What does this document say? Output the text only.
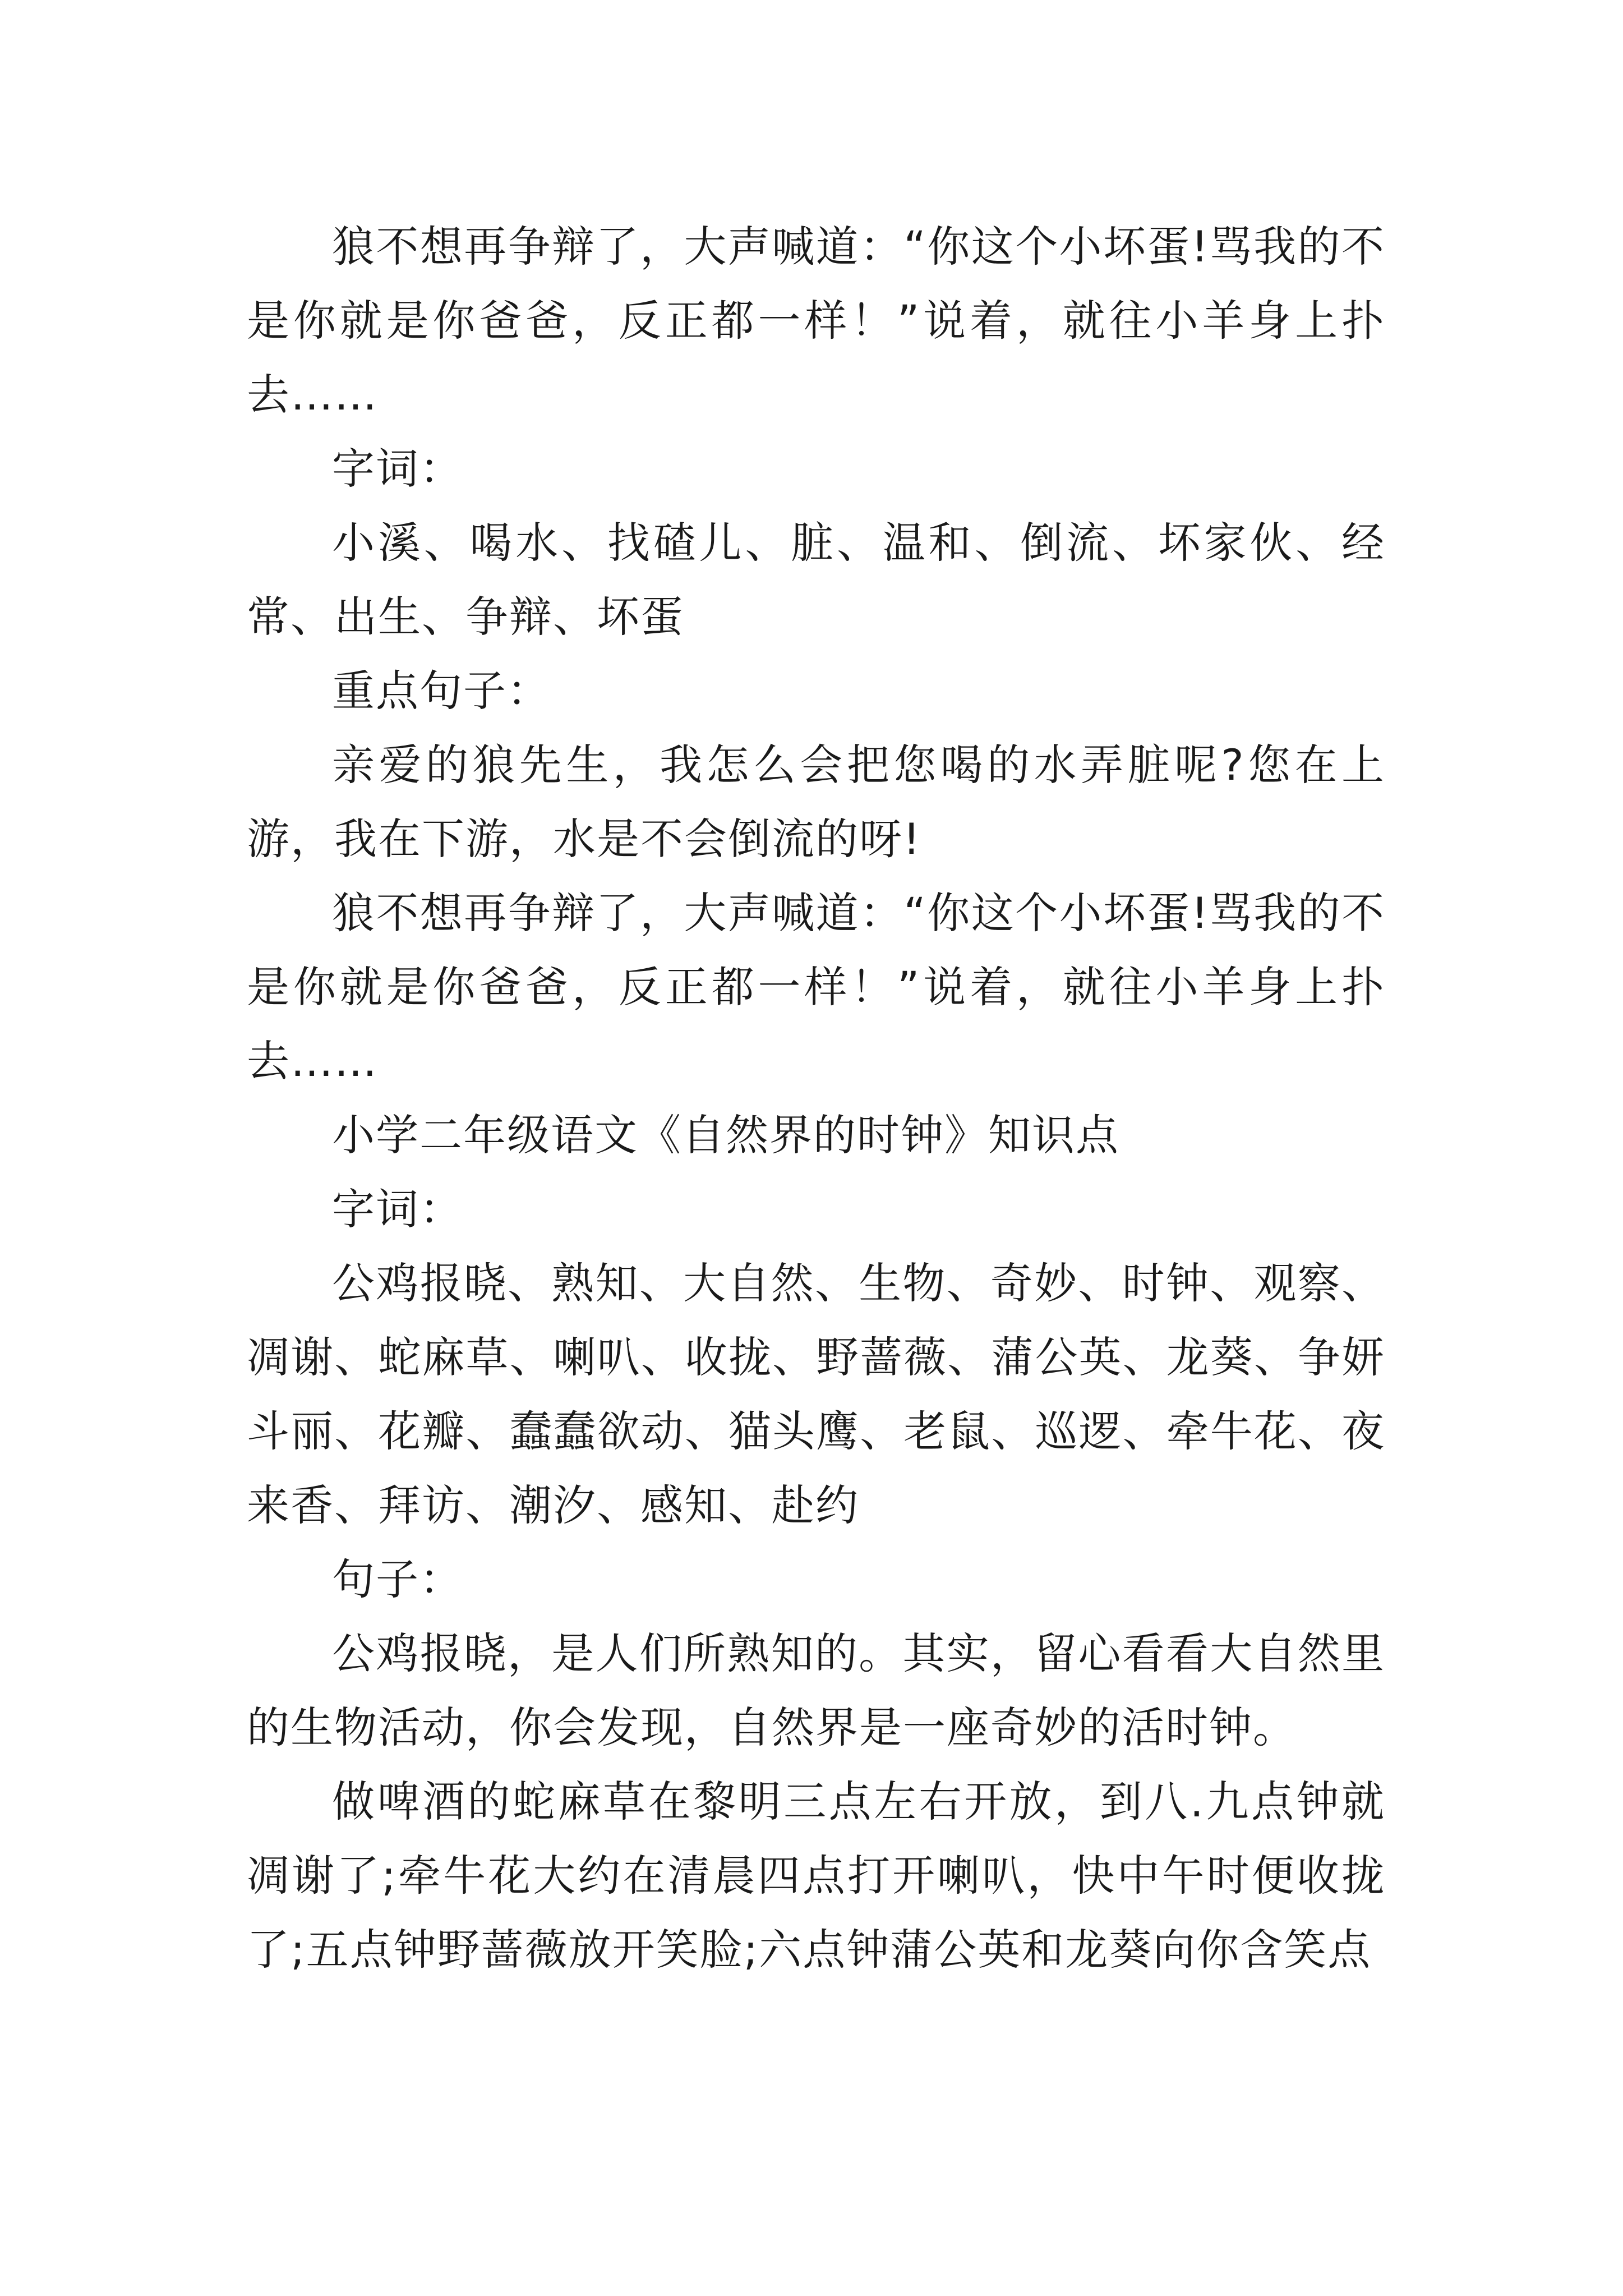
狼不想再争辩了，大声喊道：“你这个小坏蛋!骂我的不是你就是你爸爸，反正都一样！”说着，就往小羊身上扑去……

字词：

小溪、喝水、找碴儿、脏、温和、倒流、坏家伙、经常、出生、争辩、坏蛋

重点句子：

亲爱的狼先生，我怎么会把您喝的水弄脏呢?您在上游，我在下游，水是不会倒流的呀!

狼不想再争辩了，大声喊道：“你这个小坏蛋!骂我的不是你就是你爸爸，反正都一样！”说着，就往小羊身上扑去……

小学二年级语文《自然界的时钟》知识点

字词：

公鸡报晓、熟知、大自然、生物、奇妙、时钟、观察、凋谢、蛇麻草、喇叭、收拢、野蔷薇、蒲公英、龙葵、争妍斗丽、花瓣、蠢蠢欲动、猫头鹰、老鼠、巡逻、牵牛花、夜来香、拜访、潮汐、感知、赴约

句子：

公鸡报晓，是人们所熟知的。其实，留心看看大自然里的生物活动，你会发现，自然界是一座奇妙的活时钟。

做啤酒的蛇麻草在黎明三点左右开放，到八.九点钟就凋谢了;牵牛花大约在清晨四点打开喇叭，快中午时便收拢了;五点钟野蔷薇放开笑脸;六点钟蒲公英和龙葵向你含笑点
